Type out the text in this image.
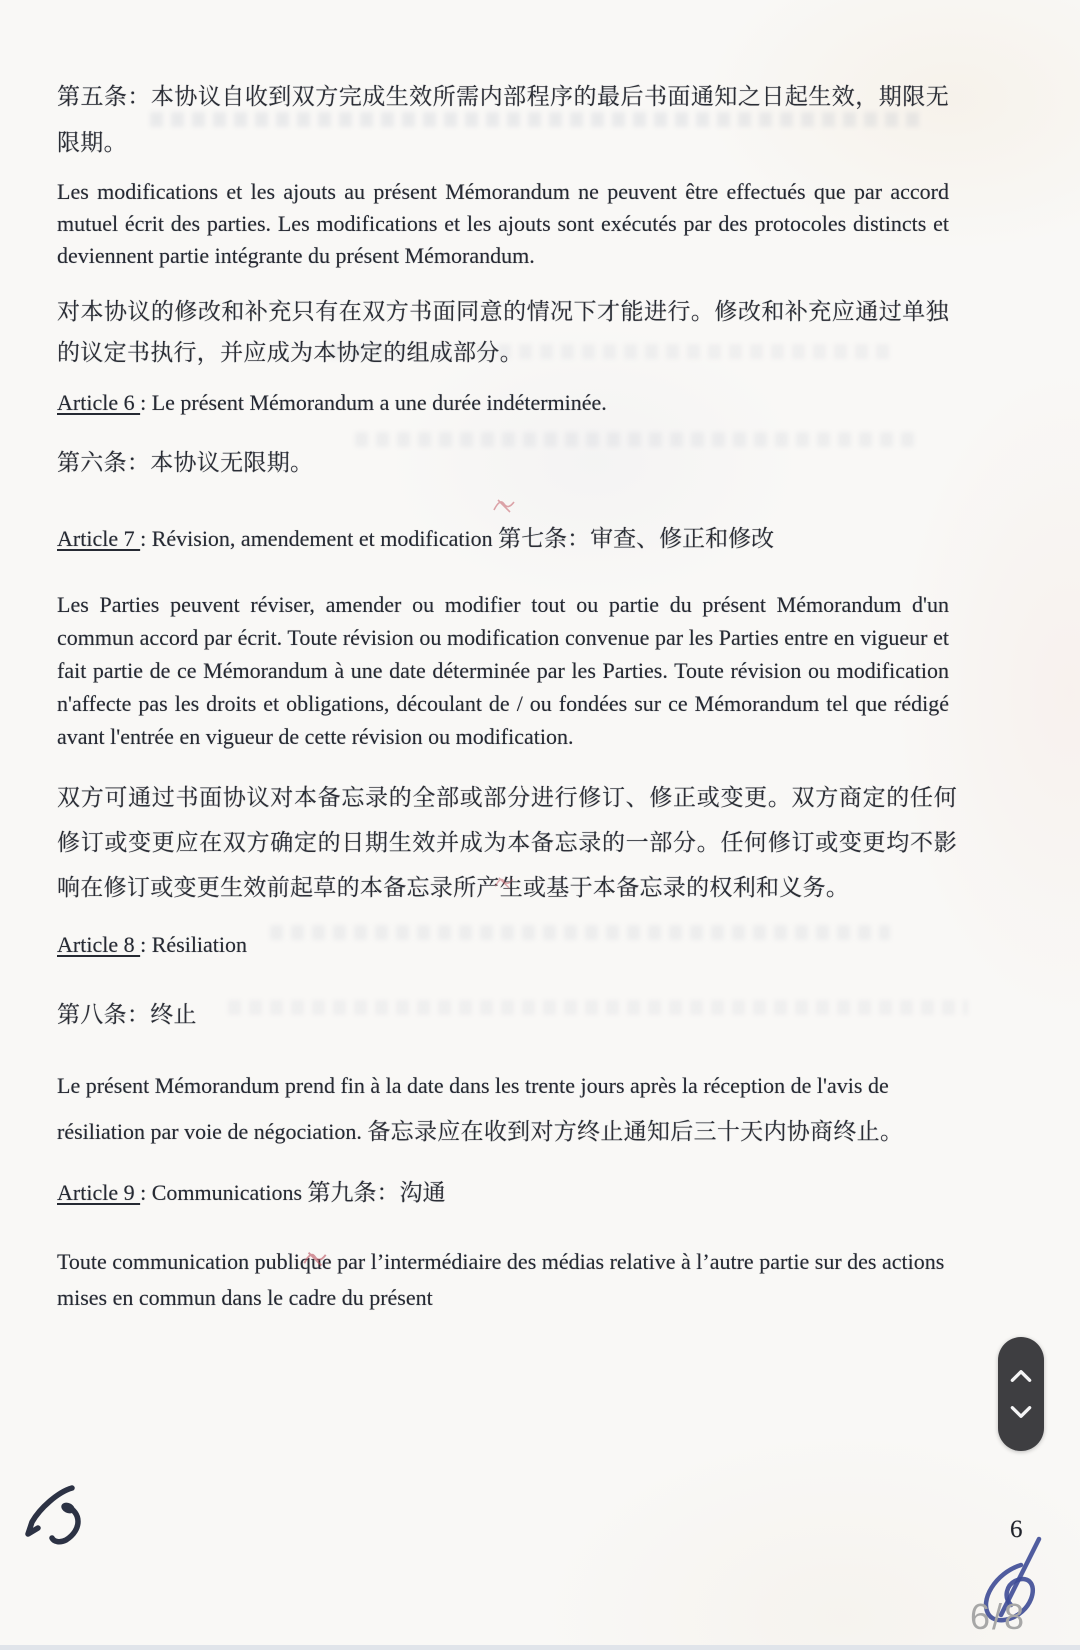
第五条：本协议自收到双方完成生效所需内部程序的最后书面通知之日起生效，期限无限期。

Les modifications et les ajouts au présent Mémorandum ne peuvent être effectués que par accord mutuel écrit des parties. Les modifications et les ajouts sont exécutés par des protocoles distincts et deviennent partie intégrante du présent Mémorandum.

对本协议的修改和补充只有在双方书面同意的情况下才能进行。修改和补充应通过单独的议定书执行，并应成为本协定的组成部分。

Article 6 : Le présent Mémorandum a une durée indéterminée.

第六条：本协议无限期。

Article 7 : Révision, amendement et modification 第七条：审查、修正和修改

Les Parties peuvent réviser, amender ou modifier tout ou partie du présent Mémorandum d'un commun accord par écrit. Toute révision ou modification convenue par les Parties entre en vigueur et fait partie de ce Mémorandum à une date déterminée par les Parties. Toute révision ou modification n'affecte pas les droits et obligations, découlant de / ou fondées sur ce Mémorandum tel que rédigé avant l'entrée en vigueur de cette révision ou modification.

双方可通过书面协议对本备忘录的全部或部分进行修订、修正或变更。双方商定的任何修订或变更应在双方确定的日期生效并成为本备忘录的一部分。任何修订或变更均不影响在修订或变更生效前起草的本备忘录所产生或基于本备忘录的权利和义务。

Article 8 : Résiliation

第八条：终止

Le présent Mémorandum prend fin à la date dans les trente jours après la réception de l'avis de résiliation par voie de négociation. 备忘录应在收到对方终止通知后三十天内协商终止。

Article 9 : Communications 第九条：沟通

Toute communication publique par l’intermédiaire des médias relative à l’autre partie sur des actions mises en commun dans le cadre du présent

6
6/8
